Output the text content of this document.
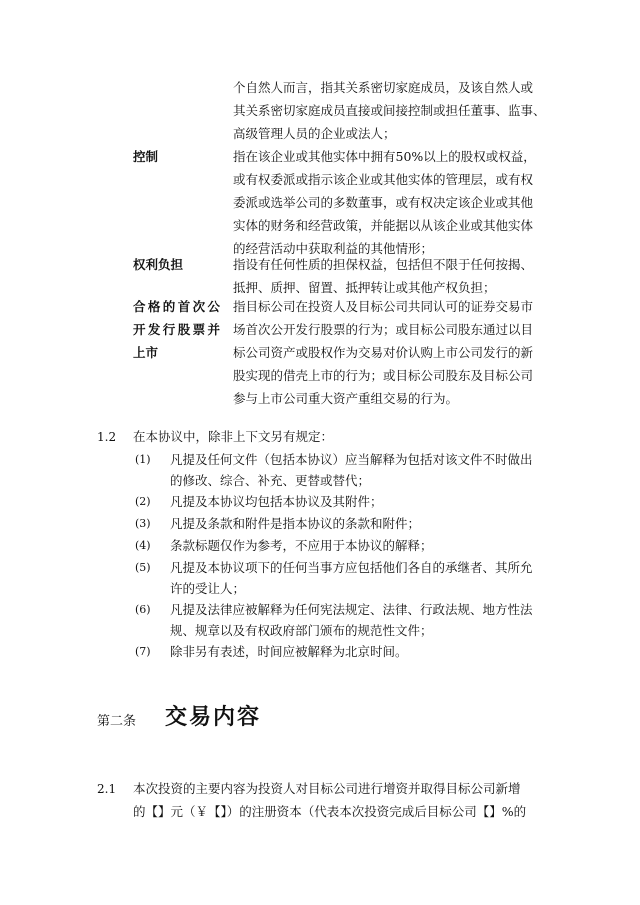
个自然人而言，指其关系密切家庭成员，及该自然人或
其关系密切家庭成员直接或间接控制或担任董事、监事、
高级管理人员的企业或法人；
控制	指在该企业或其他实体中拥有50%以上的股权或权益，
或有权委派或指示该企业或其他实体的管理层，或有权
委派或选举公司的多数董事，或有权决定该企业或其他
实体的财务和经营政策，并能据以从该企业或其他实体
的经营活动中获取利益的其他情形；
权利负担	指设有任何性质的担保权益，包括但不限于任何按揭、
抵押、质押、留置、抵押转让或其他产权负担；
合格的首次公
开发行股票并
上市
指目标公司在投资人及目标公司共同认可的证券交易市
场首次公开发行股票的行为；或目标公司股东通过以目
标公司资产或股权作为交易对价认购上市公司发行的新
股实现的借壳上市的行为；或目标公司股东及目标公司
参与上市公司重大资产重组交易的行为。
1.2 在本协议中，除非上下文另有规定：
(1) 凡提及任何文件（包括本协议）应当解释为包括对该文件不时做出
的修改、综合、补充、更替或替代；
(2) 凡提及本协议均包括本协议及其附件；
(3) 凡提及条款和附件是指本协议的条款和附件；
(4) 条款标题仅作为参考，不应用于本协议的解释；
(5) 凡提及本协议项下的任何当事方应包括他们各自的承继者、其所允
许的受让人；
(6) 凡提及法律应被解释为任何宪法规定、法律、行政法规、地方性法
规、规章以及有权政府部门颁布的规范性文件；
(7) 除非另有表述，时间应被解释为北京时间。
第二条 交易内容
2.1 本次投资的主要内容为投资人对目标公司进行增资并取得目标公司新增
的【】元（￥【】）的注册资本（代表本次投资完成后目标公司【】%的
